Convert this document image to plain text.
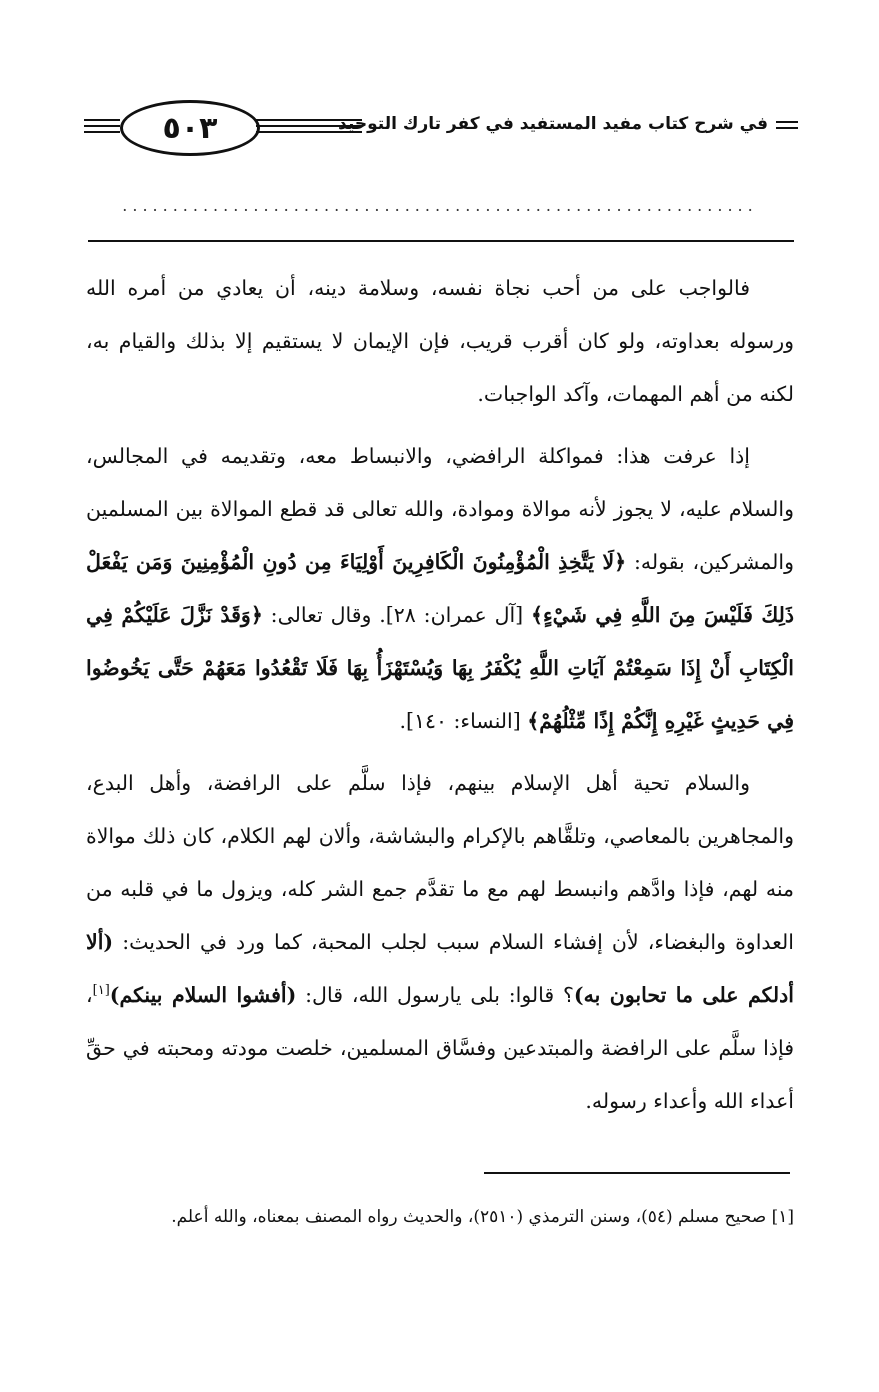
٥٠٣	في شرح كتاب مفيد المستفيد في كفر تارك التوحيد
...............................................................

فالواجب على من أحب نجاة نفسه، وسلامة دينه، أن يعادي من أمره الله ورسوله بعداوته، ولو كان أقرب قريب، فإن الإيمان لا يستقيم إلا بذلك والقيام به، لكنه من أهم المهمات، وآكد الواجبات.

إذا عرفت هذا: فمواكلة الرافضي، والانبساط معه، وتقديمه في المجالس، والسلام عليه، لا يجوز لأنه موالاة وموادة، والله تعالى قد قطع الموالاة بين المسلمين والمشركين، بقوله: ﴿لَا يَتَّخِذِ الْمُؤْمِنُونَ الْكَافِرِينَ أَوْلِيَاءَ مِن دُونِ الْمُؤْمِنِينَ وَمَن يَفْعَلْ ذَلِكَ فَلَيْسَ مِنَ اللَّهِ فِي شَيْءٍ﴾ [آل عمران: ٢٨]. وقال تعالى: ﴿وَقَدْ نَزَّلَ عَلَيْكُمْ فِي الْكِتَابِ أَنْ إِذَا سَمِعْتُمْ آيَاتِ اللَّهِ يُكْفَرُ بِهَا وَيُسْتَهْزَأُ بِهَا فَلَا تَقْعُدُوا مَعَهُمْ حَتَّى يَخُوضُوا فِي حَدِيثٍ غَيْرِهِ إِنَّكُمْ إِذًا مِّثْلُهُمْ﴾ [النساء: ١٤٠].

والسلام تحية أهل الإسلام بينهم، فإذا سلَّم على الرافضة، وأهل البدع، والمجاهرين بالمعاصي، وتلقَّاهم بالإكرام والبشاشة، وألان لهم الكلام، كان ذلك موالاة منه لهم، فإذا وادَّهم وانبسط لهم مع ما تقدَّم جمع الشر كله، ويزول ما في قلبه من العداوة والبغضاء، لأن إفشاء السلام سبب لجلب المحبة، كما ورد في الحديث: (ألا أدلكم على ما تحابون به)؟ قالوا: بلى يارسول الله، قال: (أفشوا السلام بينكم)[١]، فإذا سلَّم على الرافضة والمبتدعين وفسَّاق المسلمين، خلصت مودته ومحبته في حقِّ أعداء الله وأعداء رسوله.

[١] صحيح مسلم (٥٤)، وسنن الترمذي (٢٥١٠)، والحديث رواه المصنف بمعناه، والله أعلم.
